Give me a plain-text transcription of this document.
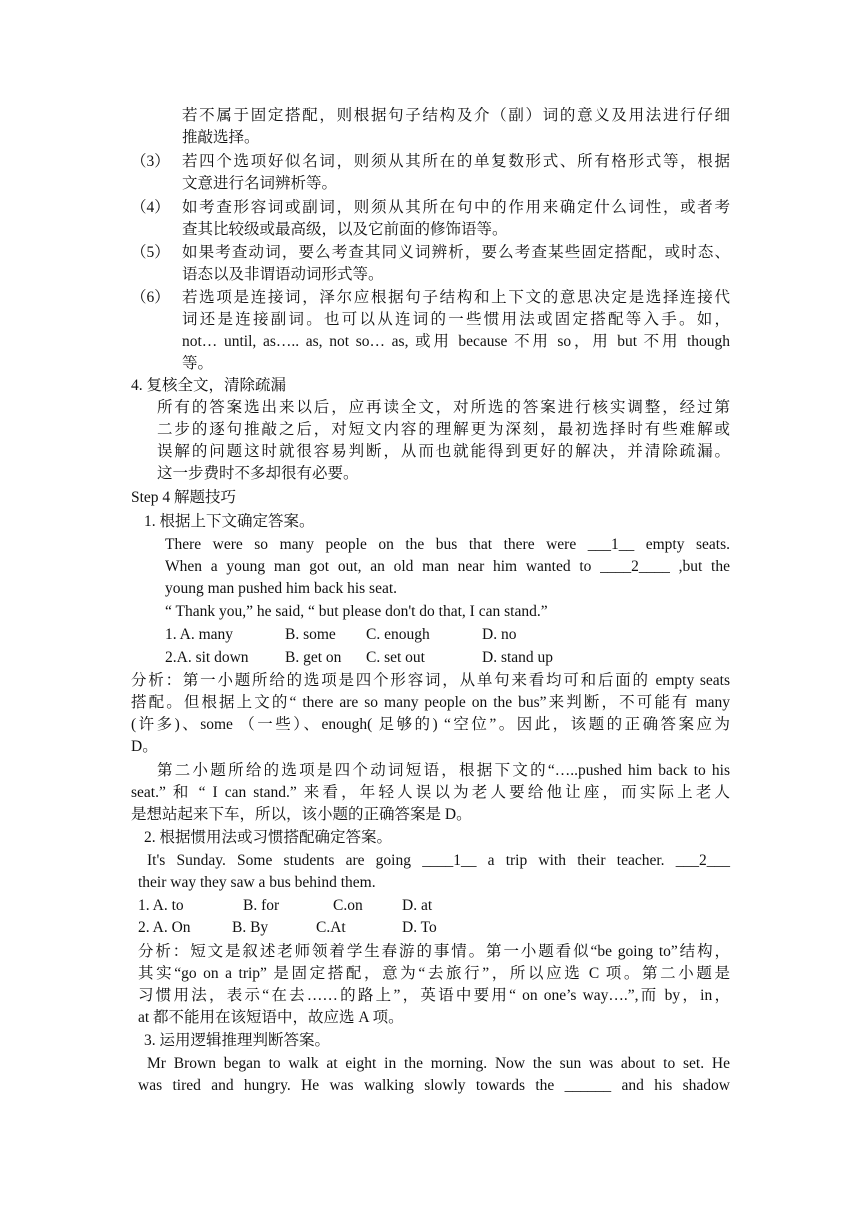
若不属于固定搭配，则根据句子结构及介（副）词的意义及用法进行仔细
推敲选择。
（3） 若四个选项好似名词，则须从其所在的单复数形式、所有格形式等，根据
文意进行名词辨析等。
（4） 如考查形容词或副词，则须从其所在句中的作用来确定什么词性，或者考
查其比较级或最高级，以及它前面的修饰语等。
（5） 如果考查动词，要么考查其同义词辨析，要么考查某些固定搭配，或时态、
语态以及非谓语动词形式等。
（6） 若选项是连接词，泽尔应根据句子结构和上下文的意思决定是选择连接代
词还是连接副词。也可以从连词的一些惯用法或固定搭配等入手。如，
not… until, as….. as, not so… as, 或用 because 不用 so，用 but 不用 though
等。
4. 复核全文，清除疏漏
所有的答案选出来以后，应再读全文，对所选的答案进行核实调整，经过第
二步的逐句推敲之后，对短文内容的理解更为深刻，最初选择时有些难解或
误解的问题这时就很容易判断，从而也就能得到更好的解决，并清除疏漏。
这一步费时不多却很有必要。
Step 4 解题技巧
1. 根据上下文确定答案。
There were so many people on the bus that there were ___1__ empty seats.
When a young man got out, an old man near him wanted to ____2____ ,but the
young man pushed him back his seat.
“ Thank you,” he said, “ but please don't do that, I can stand.”
1. A. many	B. some C. enough	D. no
2.A. sit down B. get on C. set out	D. stand up
分析：第一小题所给的选项是四个形容词，从单句来看均可和后面的 empty seats
搭配。但根据上文的“ there are so many people on the bus”来判断，不可能有 many
(许多)、some （一些）、enough( 足够的) “空位”。因此，该题的正确答案应为
D。
第二小题所给的选项是四个动词短语，根据下文的“…..pushed him back to his
seat.” 和 “ I can stand.” 来看，年轻人误以为老人要给他让座，而实际上老人
是想站起来下车，所以，该小题的正确答案是 D。
2. 根据惯用法或习惯搭配确定答案。
It's Sunday. Some students are going ____1__ a trip with their teacher. ___2___
their way they saw a bus behind them.
1. A. to	B. for	C.on	D. at
2. A. On	B. By	C.At	D. To
分析：短文是叙述老师领着学生春游的事情。第一小题看似“be going to”结构，
其实“go on a trip” 是固定搭配，意为“去旅行”，所以应选 C 项。第二小题是
习惯用法，表示“在去……的路上”，英语中要用“ on one’s way….”,而 by，in，
at 都不能用在该短语中，故应选 A 项。
3. 运用逻辑推理判断答案。
Mr Brown began to walk at eight in the morning. Now the sun was about to set. He
was tired and hungry. He was walking slowly towards the ______ and his shadow
